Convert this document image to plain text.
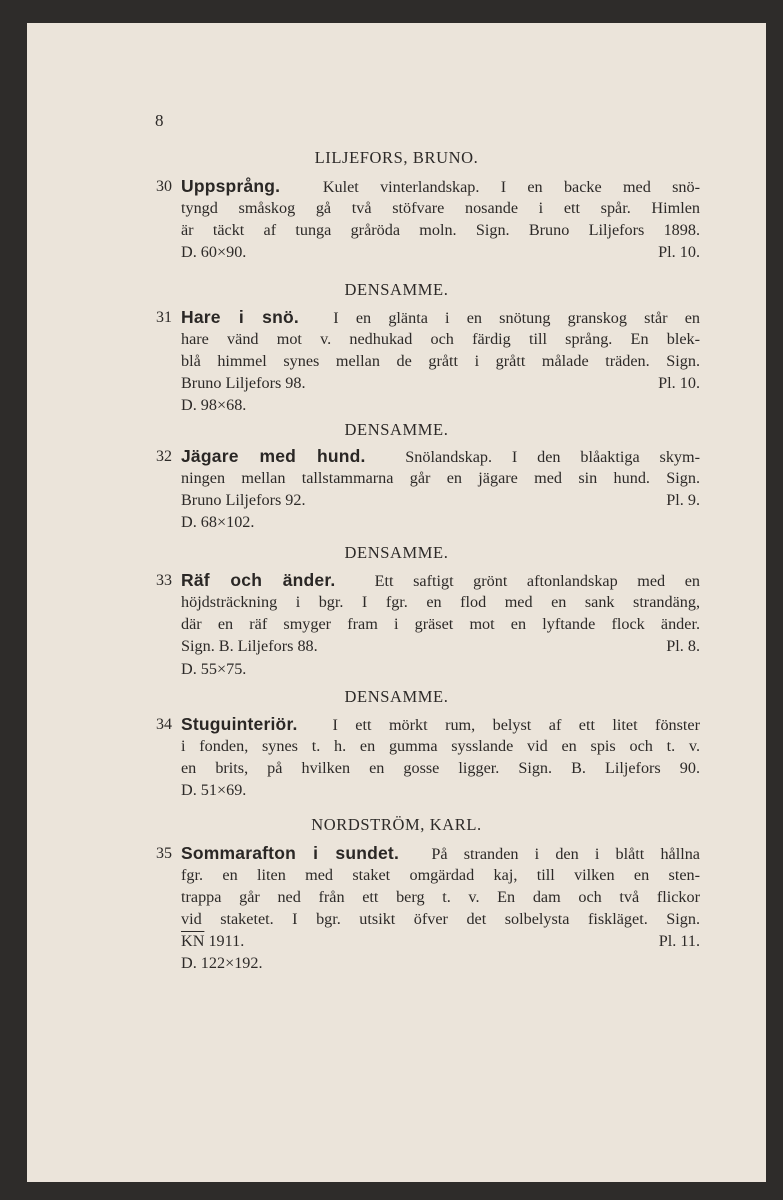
8
LILJEFORS, BRUNO.
30 Uppsprång.	Kulet vinterlandskap. I en backe med snö-
tyngd småskog gå två stöfvare nosande i ett spår. Himlen
är täckt af tunga gråröda moln. Sign. Bruno Liljefors 1898.
D. 60×90.	Pl. 10.
DENSAMME.
31 Hare i snö. I en glänta i en snötung granskog står en
hare vänd mot v. nedhukad och färdig till språng. En blek-
blå himmel synes mellan de grått i grått målade träden. Sign.
Bruno Liljefors 98.	Pl. 10.
D. 98×68.
DENSAMME.
32 Jägare med hund. Snölandskap. I den blåaktiga skym-
ningen mellan tallstammarna går en jägare med sin hund. Sign.
Bruno Liljefors 92.	Pl. 9.
D. 68×102.
DENSAMME.
33 Räf och änder. Ett saftigt grönt aftonlandskap med en
höjdsträckning i bgr. I fgr. en flod med en sank strandäng,
där en räf smyger fram i gräset mot en lyftande flock änder.
Sign. B. Liljefors 88.	Pl. 8.
D. 55×75.
DENSAMME.
34 Stuguinteriör. I ett mörkt rum, belyst af ett litet fönster
i fonden, synes t. h. en gumma sysslande vid en spis och t. v.
en brits, på hvilken en gosse ligger. Sign. B. Liljefors 90.
D. 51×69.
NORDSTRÖM, KARL.
35 Sommarafton i sundet. På stranden i den i blått hållna
fgr. en liten med staket omgärdad kaj, till vilken en sten-
trappa går ned från ett berg t. v. En dam och två flickor
vid staketet. I bgr. utsikt öfver det solbelysta fiskläget. Sign.
$\overline{KN}$ 1911.	Pl. 11.
D. 122×192.
